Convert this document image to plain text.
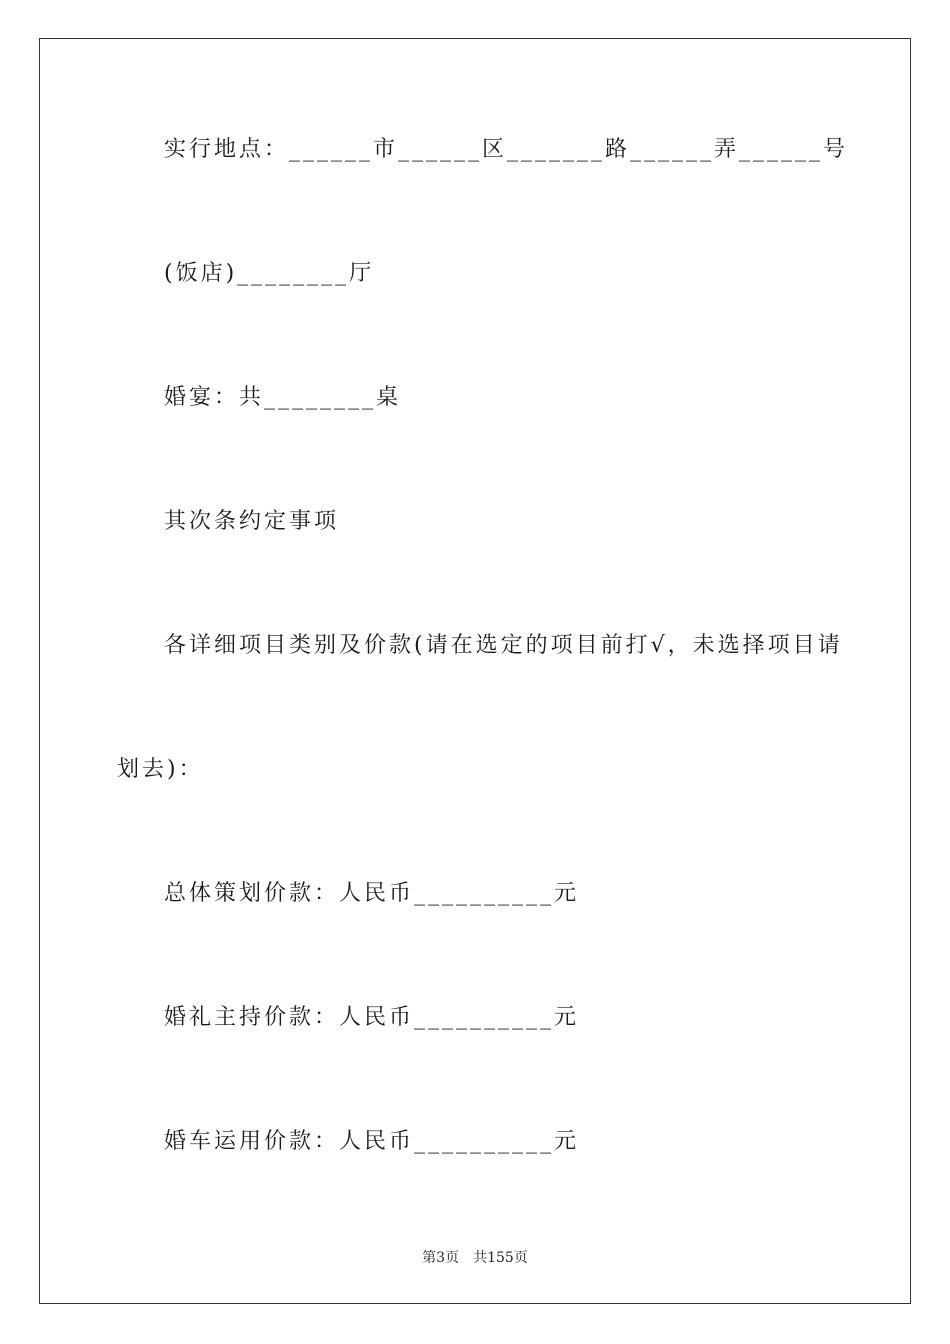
实行地点：______市______区_______路______弄______号
(饭店)________厅
婚宴：共________桌
其次条约定事项
各详细项目类别及价款(请在选定的项目前打√，未选择项目请
划去)：
总体策划价款：人民币__________元
婚礼主持价款：人民币__________元
婚车运用价款：人民币__________元
第3页 共155页
